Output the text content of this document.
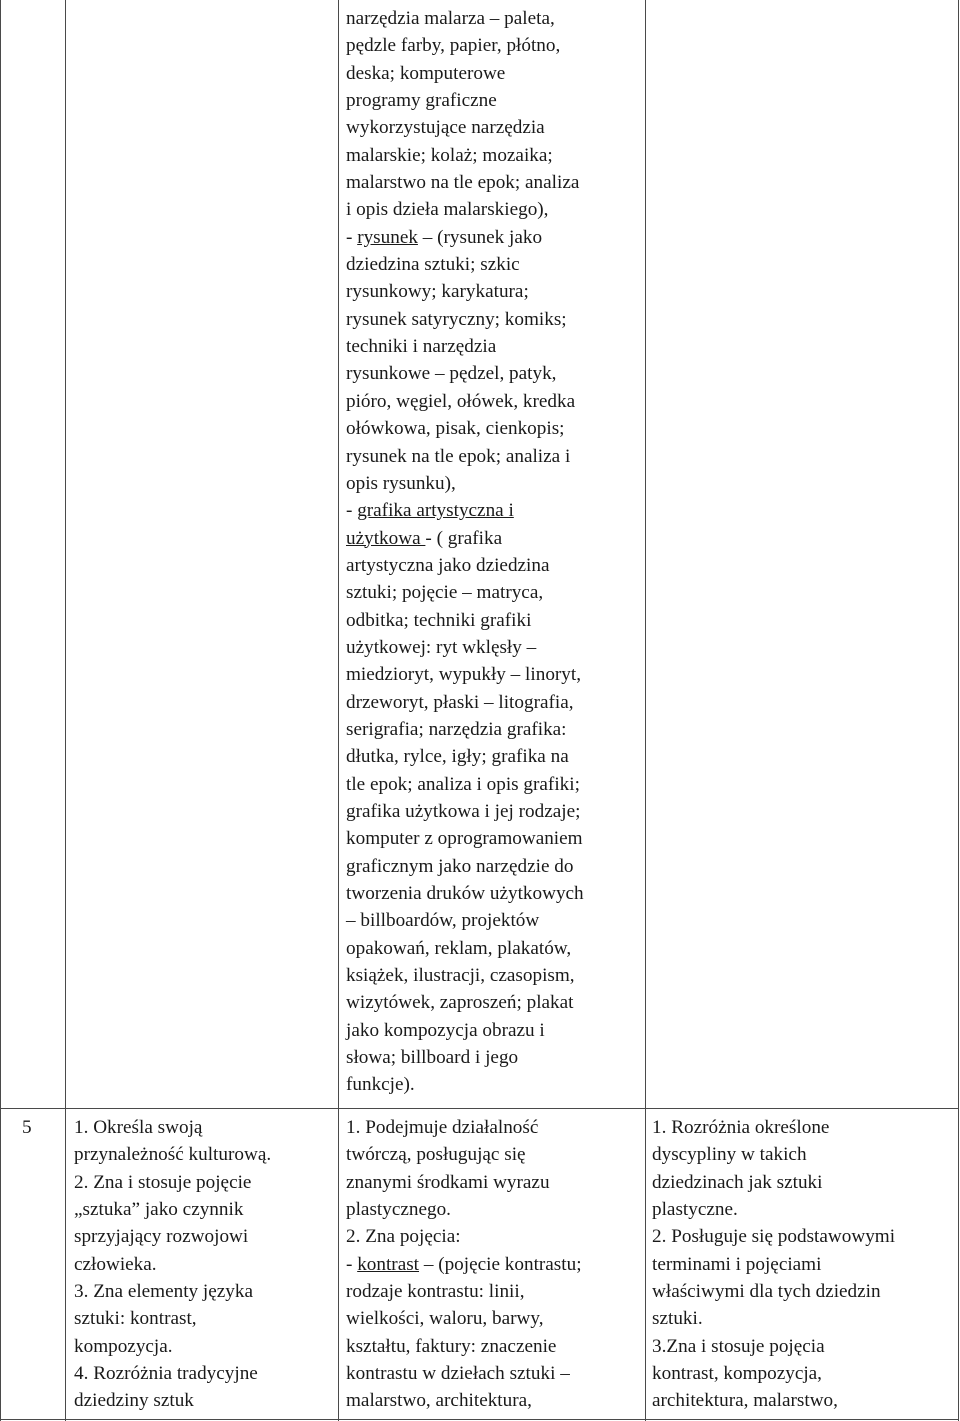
narzędzia malarza – paleta,
pędzle farby, papier, płótno,
deska; komputerowe
programy graficzne
wykorzystujące narzędzia
malarskie; kolaż; mozaika;
malarstwo na tle epok; analiza
i opis dzieła malarskiego),
- rysunek – (rysunek jako
dziedzina sztuki; szkic
rysunkowy; karykatura;
rysunek satyryczny; komiks;
techniki i narzędzia
rysunkowe – pędzel, patyk,
pióro, węgiel, ołówek, kredka
ołówkowa, pisak, cienkopis;
rysunek na tle epok; analiza i
opis rysunku),
- grafika artystyczna i
użytkowa - ( grafika
artystyczna jako dziedzina
sztuki; pojęcie – matryca,
odbitka; techniki grafiki
użytkowej: ryt wklęsły –
miedzioryt, wypukły – linoryt,
drzeworyt, płaski – litografia,
serigrafia; narzędzia grafika:
dłutka, rylce, igły; grafika na
tle epok; analiza i opis grafiki;
grafika użytkowa i jej rodzaje;
komputer z oprogramowaniem
graficznym jako narzędzie do
tworzenia druków użytkowych
– billboardów, projektów
opakowań, reklam, plakatów,
książek, ilustracji, czasopism,
wizytówek, zaproszeń; plakat
jako kompozycja obrazu i
słowa; billboard i jego
funkcje).
5 1. Określa swoją
przynależność kulturową.
2. Zna i stosuje pojęcie
„sztuka” jako czynnik
sprzyjający rozwojowi
człowieka.
3. Zna elementy języka
sztuki: kontrast,
kompozycja.
4. Rozróżnia tradycyjne
dziedziny sztuk
1. Podejmuje działalność
twórczą, posługując się
znanymi środkami wyrazu
plastycznego.
2. Zna pojęcia:
- kontrast – (pojęcie kontrastu;
rodzaje kontrastu: linii,
wielkości, waloru, barwy,
kształtu, faktury: znaczenie
kontrastu w dziełach sztuki –
malarstwo, architektura,
1. Rozróżnia określone
dyscypliny w takich
dziedzinach jak sztuki
plastyczne.
2. Posługuje się podstawowymi
terminami i pojęciami
właściwymi dla tych dziedzin
sztuki.
3.Zna i stosuje pojęcia
kontrast, kompozycja,
architektura, malarstwo,
